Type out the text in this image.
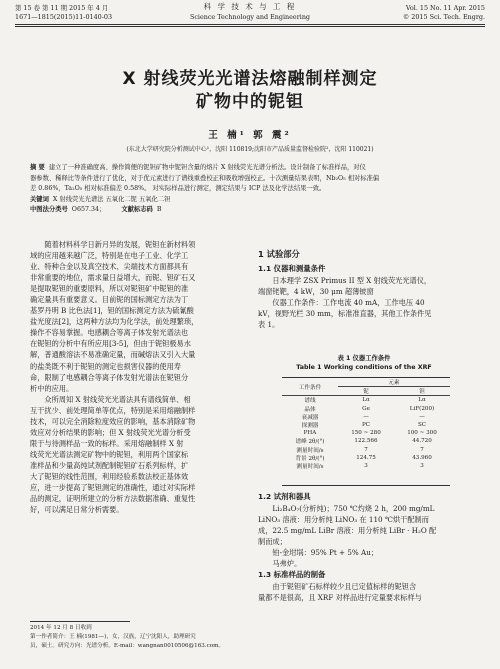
第 15 卷 第 11 期 2015 年 4 月
1671—1815(2015)11-0140-03
科 学 技 术 与 工 程
Science Technology and Engineering
Vol. 15 No. 11 Apr. 2015
© 2015 Sci. Tech. Engrg.
X 射线荧光光谱法熔融制样测定
矿物中的铌钽
王 楠¹ 郭 震²
(东北大学研究院分析测试中心¹，沈阳 110819;沈阳市产品质量监督检验院²，沈阳 110021)
摘 要 建立了一种准确度高、操作简便的铌钽矿物中铌钽含量的熔片 X 射线荧光光谱分析法。设计制备了标准样品，对仪
器参数、稀释比等条件进行了优化，对于优元素进行了谱线重叠校正和吸收增强校正。十次测量结果表明，Nb₂O₅ 相对标准偏
差 0.86%，Ta₂O₅ 相对标准偏差 0.58%。 对实际样品进行测定，测定结果与 ICP 法及化学法结果一致。
关键词 X 射线荧光光谱法 五氧化二铌 五氧化二钽
中图法分类号 O657.34；	文献标志码 B
随着材料科学日新月异的发展，铌钽在新材料领
域的应用越来越广泛，特别是在电子工业、化学工
业、特种合金以及真空技术、尖端技术方面都具有
非常重要的地位，需求量日益增大，而铌、钽矿石又
是提取铌钽的重要原料，所以对铌钽矿中铌钽的准
确定量具有重要意义。目前铌的国标测定方法为丁
基罗丹明 B 比色法[1]，钽的国标测定方法为硫氰酸
盐光度法[2]，这两种方法均为化学法，前处理繁琐，
操作不容易掌握。电感耦合等离子体发射光谱法也
在铌钽的分析中有所应用[3-5]，但由于铌钽极易水
解，普通酸溶法不易准确定量，而碱熔法又引入大量
的盐类既不利于铌钽的测定也损害仪器的使用寿
命，限制了电感耦合等离子体发射光谱法在铌钽分
析中的应用。
众所周知 X 射线荧光光谱法具有谱线简单、相
互干扰少、前处理简单等优点，特别是采用熔融制样
技术，可以完全消除粒度效应的影响，基本消除矿物
效应对分析结果的影响；但 X 射线荧光光谱分析受
限于与待测样品一致的标样。采用熔融制样 X 射
线荧光光谱法测定矿物中的铌钽，利用两个国家标
准样品和少量高纯试剂配制铌钽矿石系列标样，扩
大了铌钽的线性范围，利用经验系数法校正基体效
应，进一步提高了铌钽测定的准确性，通过对实际样
品的测定，证明所建立的分析方法数据准确、重复性
好，可以满足日常分析需要。
2014 年 12 月 8 日收到
第一作者简介：王 楠(1981—)，女，汉族，辽宁沈阳人，助理研究
员，硕士。研究方向：光谱分析。E-mail：wangnan0010506@163.com。
1 试验部分
1.1 仪器和测量条件

日本理学 ZSX Primus II 型 X 射线荧光光谱仪，

端窗铑靶，4 kW，30 μm 超薄铍窗

仪器工作条件：工作电流 40 mA，工作电压 40

kV，视野光栏 30 mm，标准准直器，其他工作条件见
表 1。
表 1 仪器工作条件
Table 1 Working conditions of the XRF
工作条件	元素	
	铌	钽
谱线	Lα	Lα
晶体	Ge	LiF(200)
衰减器	—	—
探测器	PC	SC
PHA	150 ~ 280	100 ~ 300
谱峰 2θ/(°)	122.566	44.720
测量时间/s	7	7
背景 2θ/(°)	124.75	43.960
测量时间/s	3	3
1.2 试剂和器具

Li₂B₄O₇(分析纯)；750 ℃灼烧 2 h，200 mg/mL

LiNO₃ 溶液：用分析纯 LiNO₃ 在 110 ℃烘干配制而
成，22.5 mg/mL LiBr 溶液：用分析纯 LiBr · H₂O 配
制而成；

铂-金坩埚：95% Pt + 5% Au；

马弗炉。

1.3 标准样品的制备

由于铌钽矿石标样较少且已定值标样的铌钽含

量都不是很高，且 XRF 对样品进行定量要求标样与
